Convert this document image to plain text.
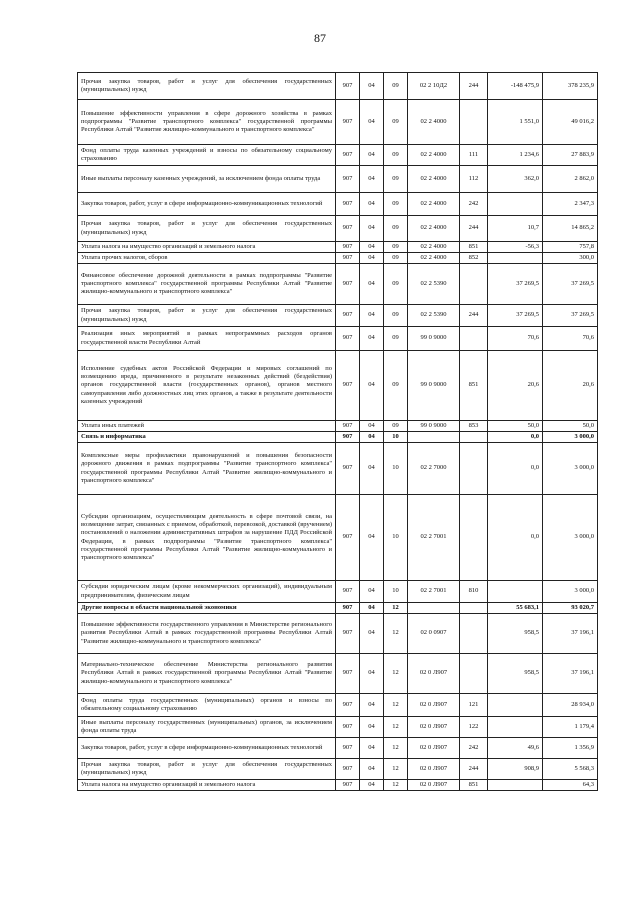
87
Прочая закупка товаров, работ и услуг для обеспечения государственных (муниципальных) нужд	907	04	09	02 2 10Д2	244	-148 475,9	378 235,9
Повышение эффективности управления в сфере дорожного хозяйства в рамках подпрограммы "Развитие транспортного комплекса" государственной программы Республики Алтай "Развитие жилищно-коммунального и транспортного комплекса"	907	04	09	02 2 4000		1 551,0	49 016,2
Фонд оплаты труда казенных учреждений и взносы по обязательному социальному страхованию	907	04	09	02 2 4000	111	1 234,6	27 883,9
Иные выплаты персоналу казенных учреждений, за исключением фонда оплаты труда	907	04	09	02 2 4000	112	362,0	2 862,0
Закупка товаров, работ, услуг в сфере информационно-коммуникационных технологий	907	04	09	02 2 4000	242		2 347,3
Прочая закупка товаров, работ и услуг для обеспечения государственных (муниципальных) нужд	907	04	09	02 2 4000	244	10,7	14 865,2
Уплата налога на имущество организаций и земельного налога	907	04	09	02 2 4000	851	-56,3	757,8
Уплата прочих налогов, сборов	907	04	09	02 2 4000	852		300,0
Финансовое обеспечение дорожной деятельности в рамках подпрограммы "Развитие транспортного комплекса" государственной программы Республики Алтай "Развитие жилищно-коммунального и транспортного комплекса"	907	04	09	02 2 5390		37 269,5	37 269,5
Прочая закупка товаров, работ и услуг для обеспечения государственных (муниципальных) нужд	907	04	09	02 2 5390	244	37 269,5	37 269,5
Реализация иных мероприятий в рамках непрограммных расходов органов государственной власти Республики Алтай	907	04	09	99 0 9000		70,6	70,6
Исполнение судебных актов Российской Федерации и мировых соглашений по возмещению вреда, причиненного в результате незаконных действий (бездействия) органов государственной власти (государственных органов), органов местного самоуправления либо должностных лиц этих органов, а также в результате деятельности казенных учреждений	907	04	09	99 0 9000	851	20,6	20,6
Уплата иных платежей	907	04	09	99 0 9000	853	50,0	50,0
Связь и информатика	907	04	10			0,0	3 000,0
Комплексные меры профилактики правонарушений и повышения безопасности дорожного движения в рамках подпрограммы "Развитие транспортного комплекса" государственной программы Республики Алтай "Развитие жилищно-коммунального и транспортного комплекса"	907	04	10	02 2 7000		0,0	3 000,0
Субсидии организациям, осуществляющим деятельность в сфере почтовой связи, на возмещение затрат, связанных с приемом, обработкой, перевозкой, доставкой (вручением) постановлений о наложении административных штрафов за нарушение ПДД Российской Федерации, в рамках подпрограммы "Развитие транспортного комплекса" государственной программы Республики Алтай "Развитие жилищно-коммунального и транспортного комплекса"	907	04	10	02 2 7001		0,0	3 000,0
Субсидии юридическим лицам (кроме некоммерческих организаций), индивидуальным предпринимателям, физическим лицам	907	04	10	02 2 7001	810		3 000,0
Другие вопросы в области национальной экономики	907	04	12			55 683,1	93 020,7
Повышение эффективности государственного управления в Министерстве регионального развития Республики Алтай в рамках государственной программы Республики Алтай "Развитие жилищно-коммунального и транспортного комплекса"	907	04	12	02 0 0907		958,5	37 196,1
Материально-техническое обеспечение Министерства регионального развития Республики Алтай в рамках государственной программы Республики Алтай "Развитие жилищно-коммунального и транспортного комплекса"	907	04	12	02 0 Л907		958,5	37 196,1
Фонд оплаты труда государственных (муниципальных) органов и взносы по обязательному социальному страхованию	907	04	12	02 0 Л907	121		28 934,0
Иные выплаты персоналу государственных (муниципальных) органов, за исключением фонда оплаты труда	907	04	12	02 0 Л907	122		1 179,4
Закупка товаров, работ, услуг в сфере информационно-коммуникационных технологий	907	04	12	02 0 Л907	242	49,6	1 356,9
Прочая закупка товаров, работ и услуг для обеспечения государственных (муниципальных) нужд	907	04	12	02 0 Л907	244	908,9	5 568,3
Уплата налога на имущество организаций и земельного налога	907	04	12	02 0 Л907	851		64,3
